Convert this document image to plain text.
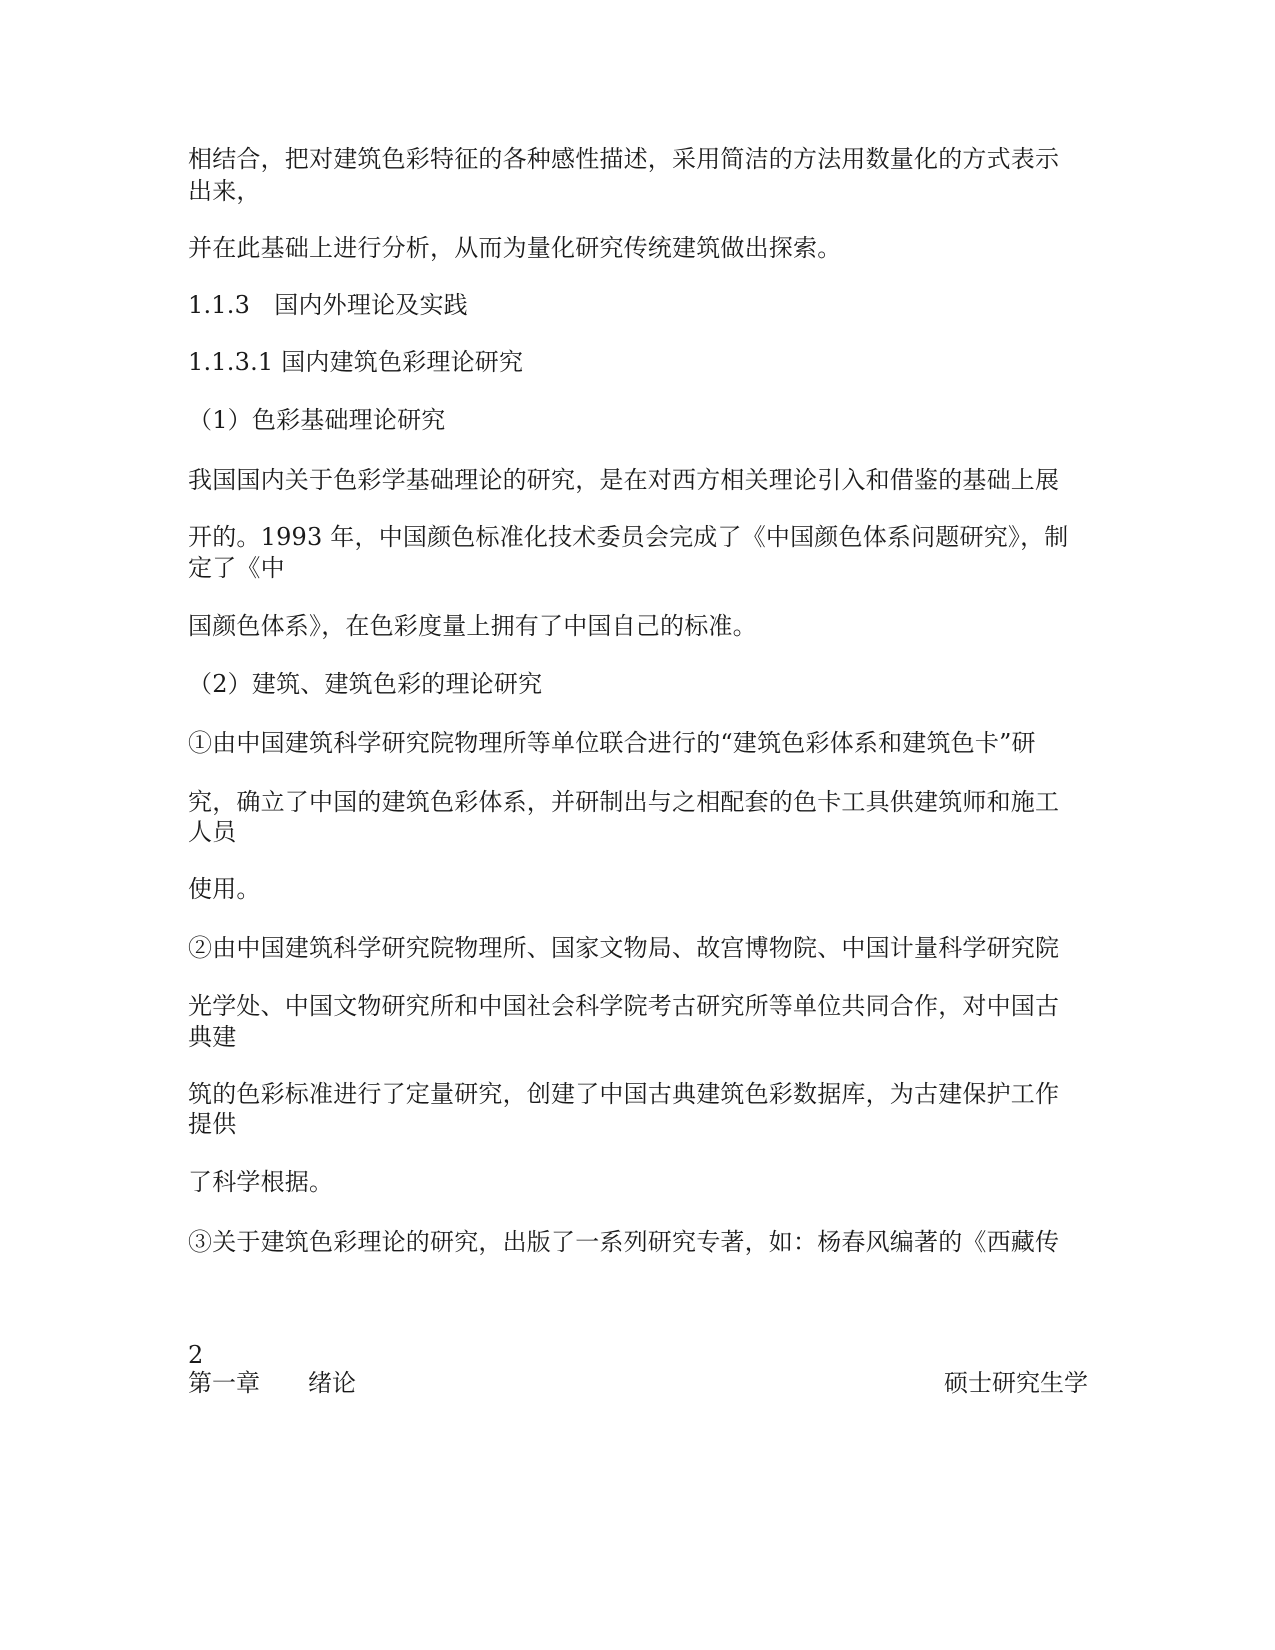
相结合，把对建筑色彩特征的各种感性描述，采用简洁的方法用数量化的方式表示
出来，
并在此基础上进行分析，从而为量化研究传统建筑做出探索。
1.1.3　国内外理论及实践
1.1.3.1 国内建筑色彩理论研究
（1）色彩基础理论研究
我国国内关于色彩学基础理论的研究，是在对西方相关理论引入和借鉴的基础上展
开的。1993 年，中国颜色标准化技术委员会完成了《中国颜色体系问题研究》，制
定了《中
国颜色体系》，在色彩度量上拥有了中国自己的标准。
（2）建筑、建筑色彩的理论研究
①由中国建筑科学研究院物理所等单位联合进行的“建筑色彩体系和建筑色卡”研
究，确立了中国的建筑色彩体系，并研制出与之相配套的色卡工具供建筑师和施工
人员
使用。
②由中国建筑科学研究院物理所、国家文物局、故宫博物院、中国计量科学研究院
光学处、中国文物研究所和中国社会科学院考古研究所等单位共同合作，对中国古
典建
筑的色彩标准进行了定量研究，创建了中国古典建筑色彩数据库，为古建保护工作
提供
了科学根据。
③关于建筑色彩理论的研究，出版了一系列研究专著，如：杨春风编著的《西藏传
2
第一章　　绪论	硕士研究生学
